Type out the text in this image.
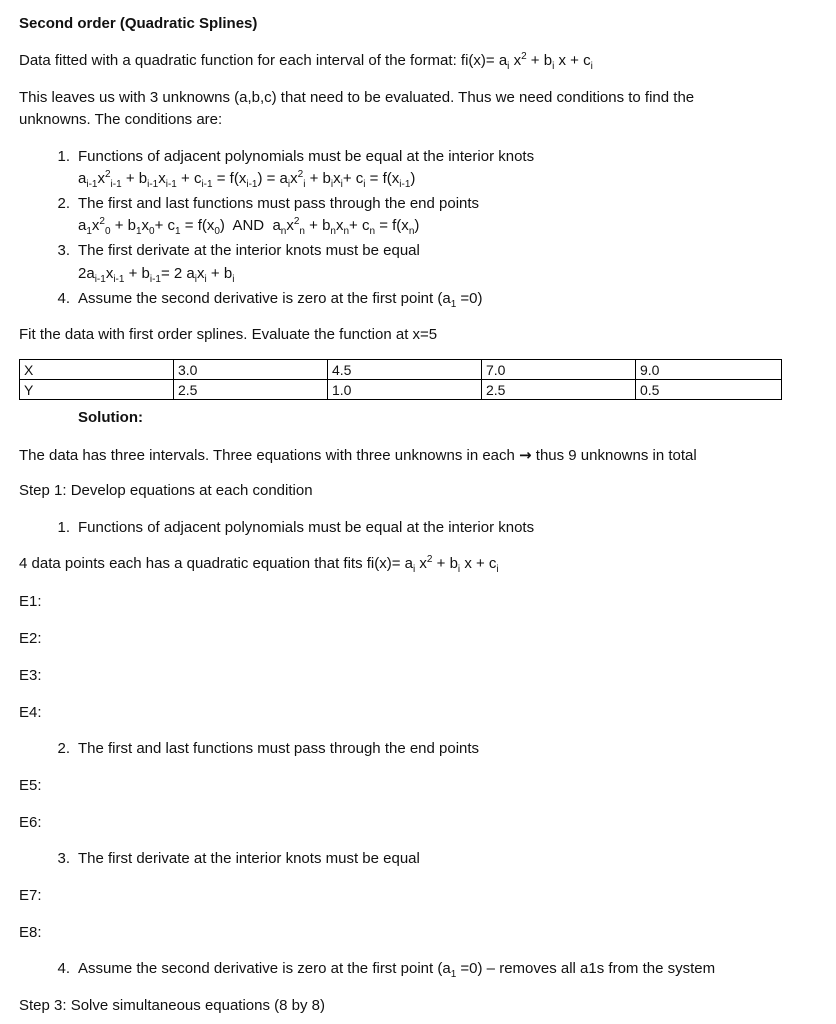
Second order (Quadratic Splines)
Data fitted with a quadratic function for each interval of the format: $fi(x)= a_i$ $x^2 + b_i$ $x + c_i$
This leaves us with 3 unknowns (a,b,c) that need to be evaluated. Thus we need conditions to find the
unknowns. The conditions are:
1. Functions of adjacent polynomials must be equal at the interior knots
$a_{i-1}x^2_{i-1} + b_{i-1}x_{i-1} + c_{i-1} = f(x_{i-1}) = a_ix^2_i + b_ix_i+ c_i = f(x_{i-1})$
2. The first and last functions must pass through the end points
$a_1x^2_0 + b_1x_0+ c_1 = f(x_0)$  AND  $a_nx^2_n + b_nx_n+ c_n = f(x_n)$
3. The first derivate at the interior knots must be equal
$2a_{i-1}x_{i-1} + b_{i-1}= 2$ $a_ix_i + b_i$
4. Assume the second derivative is zero at the first point $(a_1 =0)$
Fit the data with first order splines. Evaluate the function at x=5
X	3.0	4.5	7.0	9.0
Y	2.5	1.0	2.5	0.5
Solution:
The data has three intervals. Three equations with three unknowns in each → thus 9 unknowns in total
Step 1: Develop equations at each condition
1. Functions of adjacent polynomials must be equal at the interior knots
4 data points each has a quadratic equation that fits $fi(x)= a_i$ $x^2 + b_i$ $x + c_i$
E1:
E2:
E3:
E4:
2. The first and last functions must pass through the end points
E5:
E6:
3. The first derivate at the interior knots must be equal
E7:
E8:
4. Assume the second derivative is zero at the first point $(a_1 =0)$ – removes all a1s from the system
Step 3: Solve simultaneous equations (8 by 8)
